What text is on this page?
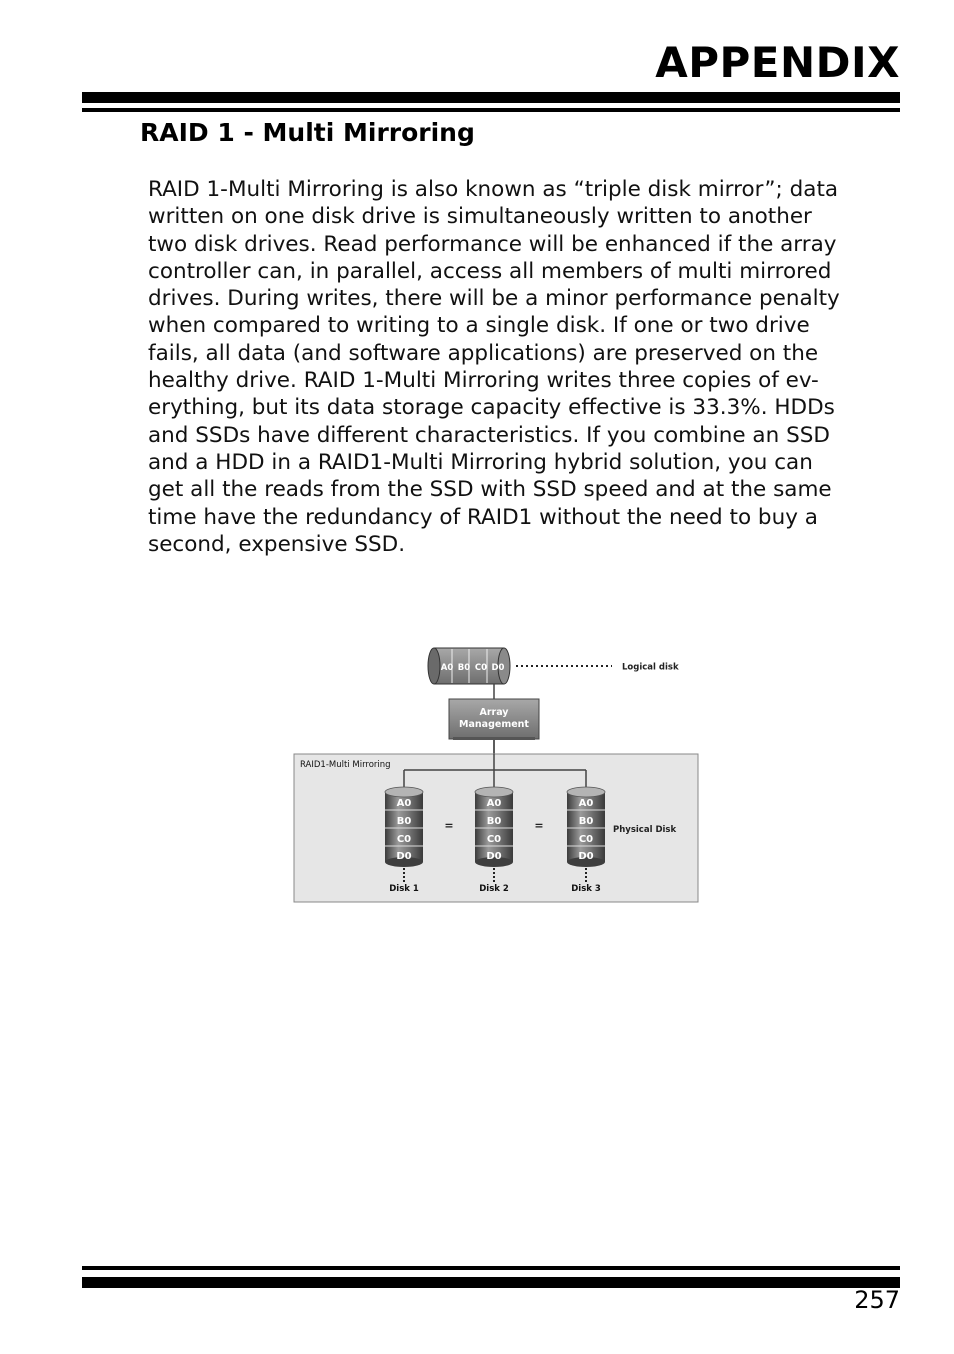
APPENDIX
RAID 1 - Multi Mirroring
RAID 1-Multi Mirroring is also known as “triple disk mirror”; data
written on one disk drive is simultaneously written to another
two disk drives. Read performance will be enhanced if the array
controller can, in parallel, access all members of multi mirrored
drives. During writes, there will be a minor performance penalty
when compared to writing to a single disk. If one or two drive
fails, all data (and software applications) are preserved on the
healthy drive. RAID 1-Multi Mirroring writes three copies of ev-
erything, but its data storage capacity effective is 33.3%. HDDs
and SSDs have different characteristics. If you combine an SSD
and a HDD in a RAID1-Multi Mirroring hybrid solution, you can
get all the reads from the SSD with SSD speed and at the same
time have the redundancy of RAID1 without the need to buy a
second, expensive SSD.
A0 B0 C0 D0	Logical disk
Array
Management
RAID1-Multi Mirroring
A0
B0
C0
D0
Disk 1
=
A0
B0
C0
D0
Disk 2
=
A0
B0
C0
D0
Disk 3
Physical Disk
257
